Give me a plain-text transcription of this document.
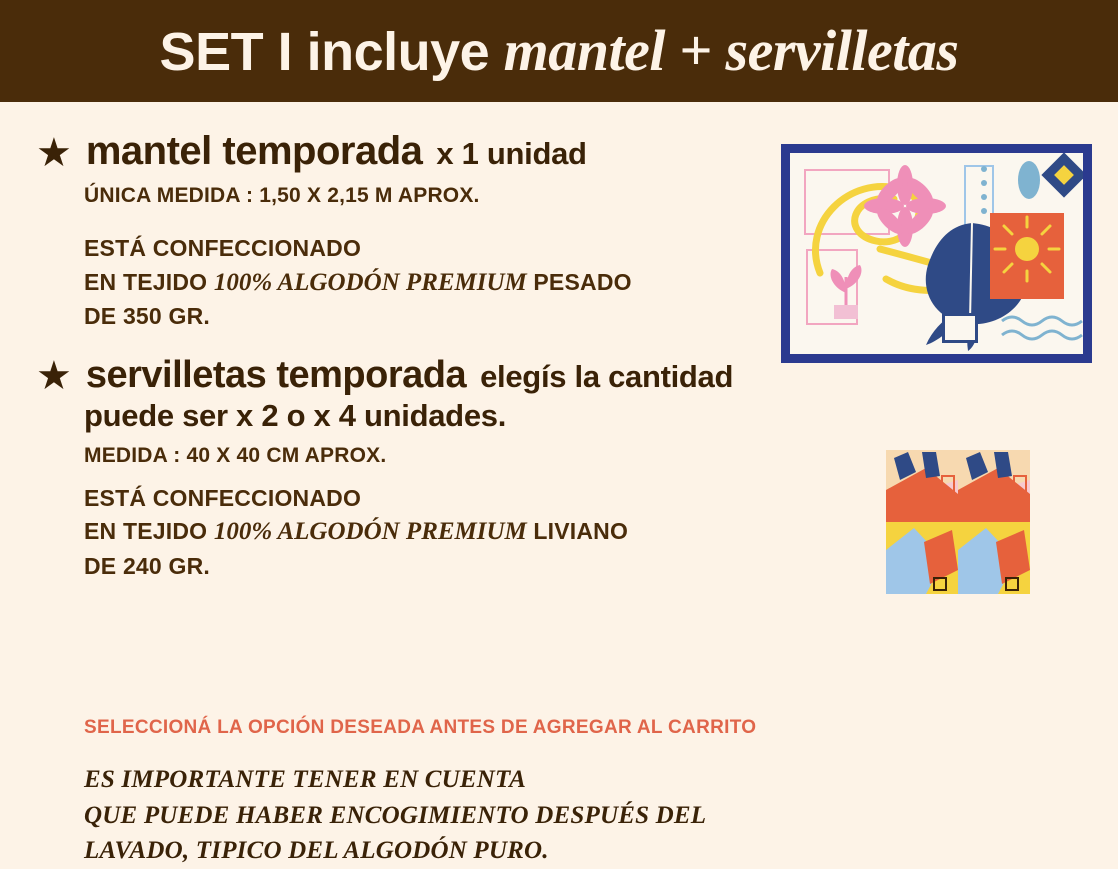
SET I incluye mantel + servilletas
★ mantel temporada x 1 unidad
ÚNICA MEDIDA : 1,50 X 2,15 M APROX.
ESTÁ CONFECCIONADO
EN TEJIDO 100% ALGODÓN PREMIUM PESADO
DE 350 GR.
★ servilletas temporada elegís la cantidad
puede ser x 2 o x 4 unidades.
MEDIDA : 40 X 40 CM APROX.
ESTÁ CONFECCIONADO
EN TEJIDO 100% ALGODÓN PREMIUM LIVIANO
DE 240 GR.
SELECCIONÁ LA OPCIÓN DESEADA ANTES DE AGREGAR AL CARRITO
ES IMPORTANTE TENER EN CUENTA
QUE PUEDE HABER ENCOGIMIENTO DESPUÉS DEL
LAVADO, TIPICO DEL ALGODÓN PURO.
